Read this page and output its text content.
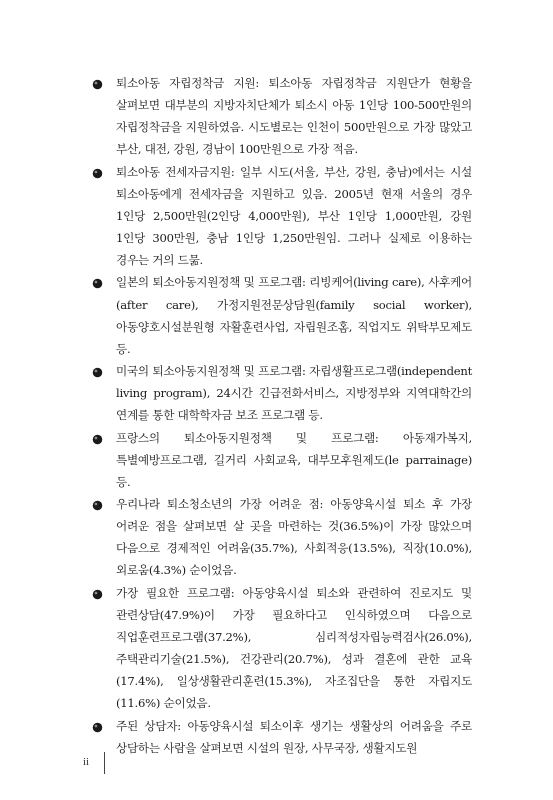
퇴소아동 자립정착금 지원: 퇴소아동 자립정착금 지원단가 현황을 살펴보면 대부분의 지방자치단체가 퇴소시 아동 1인당 100-500만원의 자립정착금을 지원하였음. 시도별로는 인천이 500만원으로 가장 많았고 부산, 대전, 강원, 경남이 100만원으로 가장 적음.
퇴소아동 전세자금지원: 일부 시도(서울, 부산, 강원, 충남)에서는 시설 퇴소아동에게 전세자금을 지원하고 있음. 2005년 현재 서울의 경우 1인당 2,500만원(2인당 4,000만원), 부산 1인당 1,000만원, 강원 1인당 300만원, 충남 1인당 1,250만원임. 그러나 실제로 이용하는 경우는 거의 드묾.
일본의 퇴소아동지원정책 및 프로그램: 리빙케어(living care), 사후케어(after care), 가정지원전문상담원(family social worker), 아동양호시설분원형 자활훈련사업, 자립원조홈, 직업지도 위탁부모제도 등.
미국의 퇴소아동지원정책 및 프로그램: 자립생활프로그램(independent living program), 24시간 긴급전화서비스, 지방정부와 지역대학간의 연계를 통한 대학학자금 보조 프로그램 등.
프랑스의 퇴소아동지원정책 및 프로그램: 아동재가복지, 특별예방프로그램, 길거리 사회교육, 대부모후원제도(le parrainage) 등.
우리나라 퇴소청소년의 가장 어려운 점: 아동양육시설 퇴소 후 가장 어려운 점을 살펴보면 살 곳을 마련하는 것(36.5%)이 가장 많았으며 다음으로 경제적인 어려움(35.7%), 사회적응(13.5%), 직장(10.0%), 외로움(4.3%) 순이었음.
가장 필요한 프로그램: 아동양육시설 퇴소와 관련하여 진로지도 및 관련상담(47.9%)이 가장 필요하다고 인식하였으며 다음으로 직업훈련프로그램(37.2%), 심리적성자립능력검사(26.0%), 주택관리기술(21.5%), 건강관리(20.7%), 성과 결혼에 관한 교육(17.4%), 일상생활관리훈련(15.3%), 자조집단을 통한 자립지도(11.6%) 순이었음.
주된 상담자: 아동양육시설 퇴소이후 생기는 생활상의 어려움을 주로 상담하는 사람을 살펴보면 시설의 원장, 사무국장, 생활지도원
ii
